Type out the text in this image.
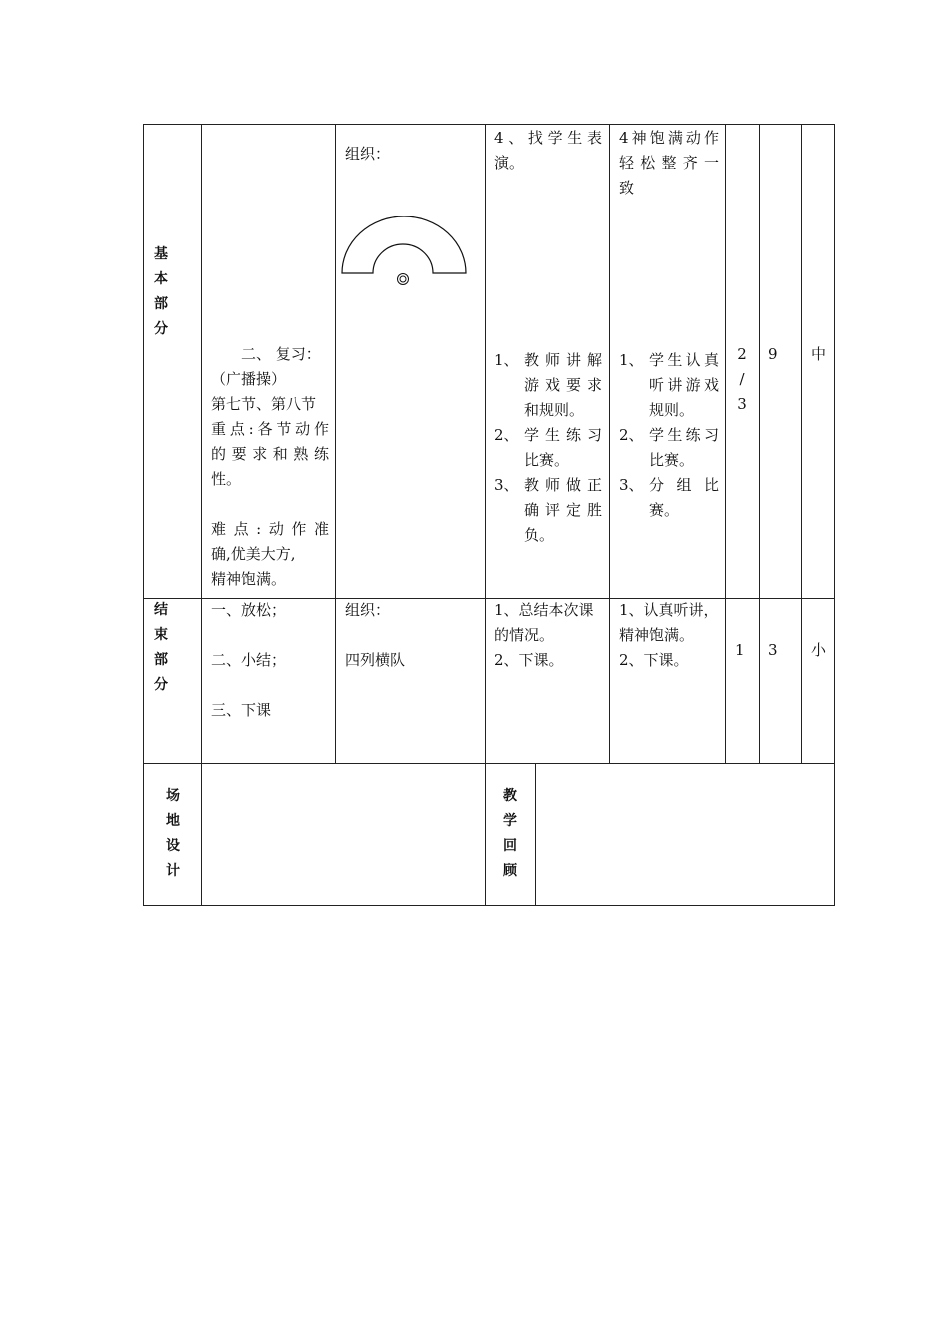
基
本
部
分

二、 复习：

（广播操）

第七节、第八节

重点:各节动作

的要求和熟练

性。

难点:动作准

确,优美大方,

精神饱满。

组织：

4、找学生表

演。

1、 教师讲解

游戏要求

和规则。

2、 学生练习

比赛。

3、 教师做正

确评定胜

负。

4神饱满动作

轻松整齐一

致

1、 学生认真

听讲游戏

规则。

2、 学生练习

比赛。

3、 分组比

赛。

2

/

3

9 中
结
束
部
分

一、放松；

二、小结；

三、下课

组织：

四列横队

1、总结本次课

的情况。

2、下课。

1、认真听讲，

精神饱满。

2、下课。

1 3 小
场
地
设
计
教
学
回
顾
